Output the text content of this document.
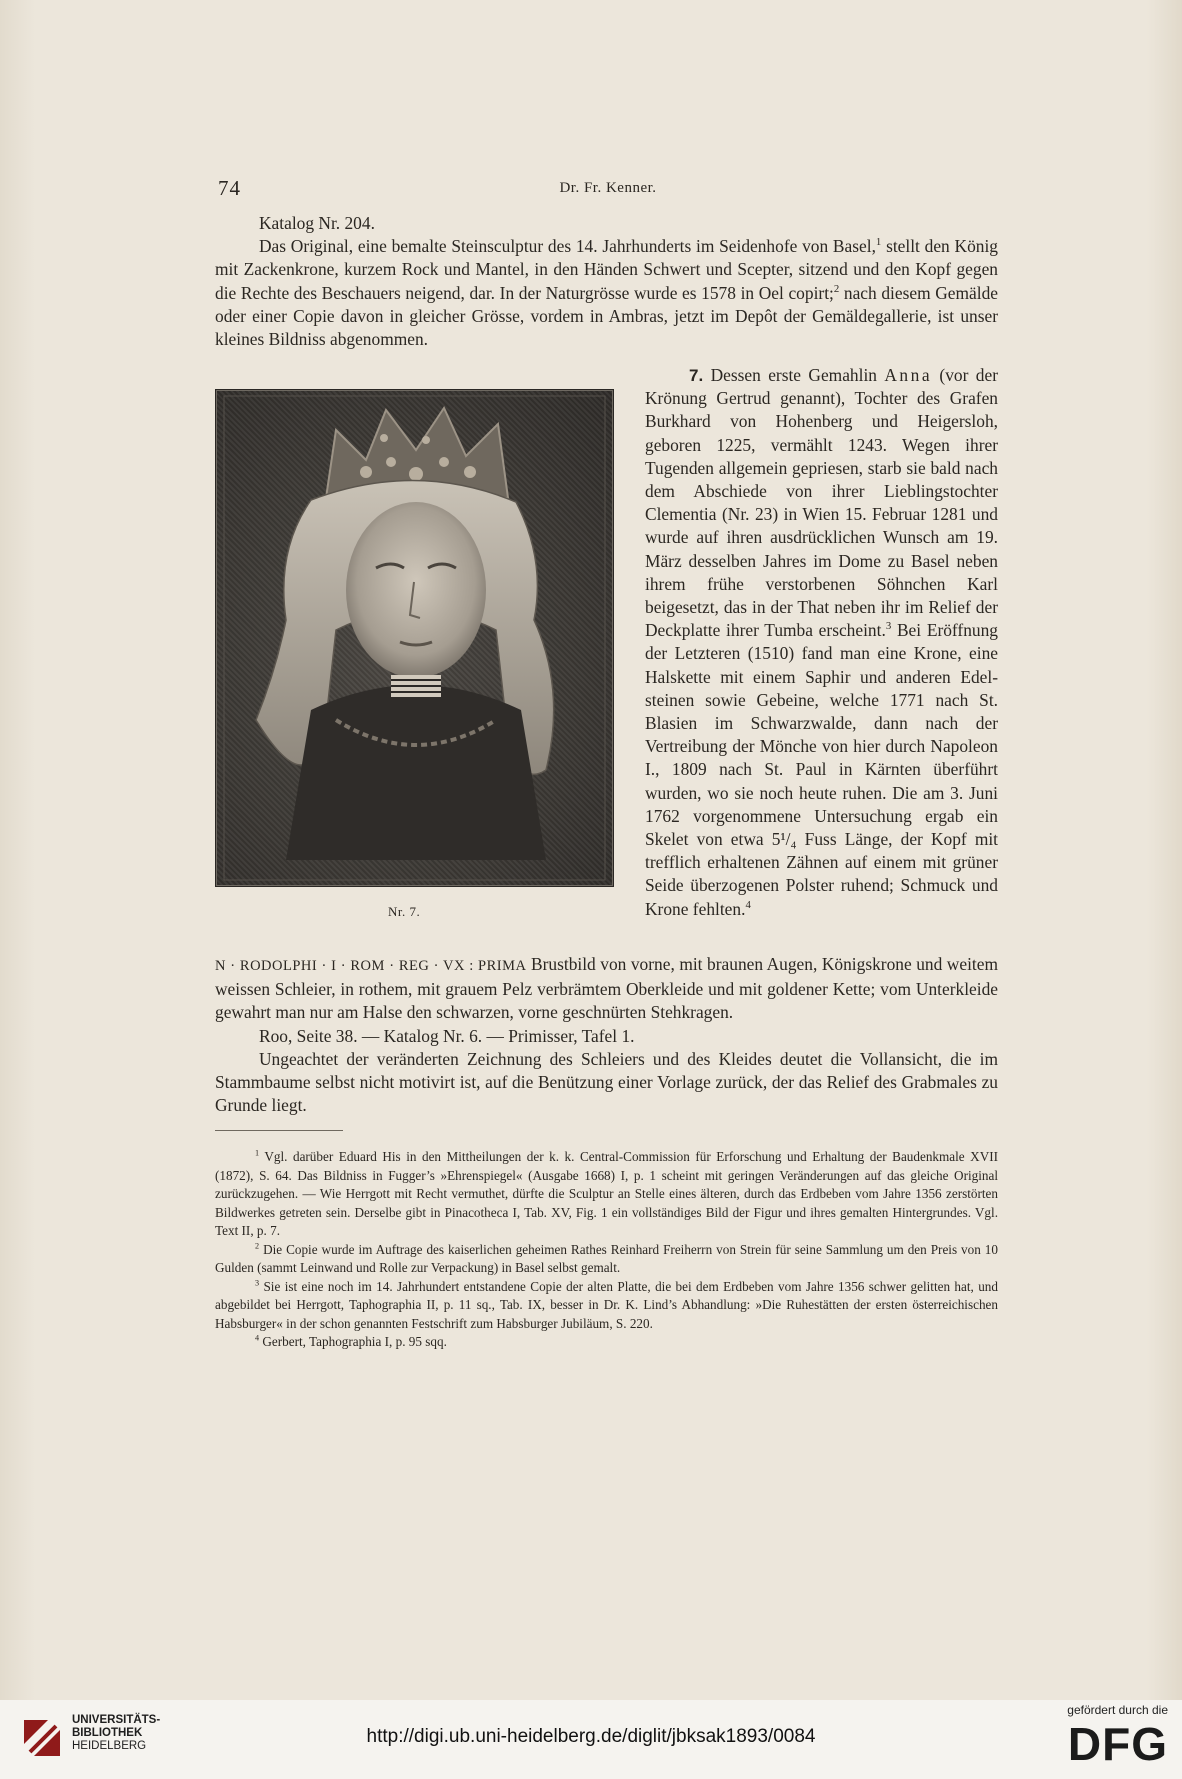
74	Dr. Fr. Kenner.

Katalog Nr. 204.

Das Original, eine bemalte Steinsculptur des 14. Jahrhunderts im Seidenhofe von Basel,$^1$ stellt den König mit Zackenkrone, kurzem Rock und Mantel, in den Händen Schwert und Scepter, sitzend und den Kopf gegen die Rechte des Beschauers neigend, dar. In der Naturgrösse wurde es 1578 in Oel copirt;$^2$ nach diesem Gemälde oder einer Copie davon in gleicher Grösse, vordem in Ambras, jetzt im Depôt der Gemäldegallerie, ist unser kleines Bildniss abgenommen.

Nr. 7.

7. Dessen erste Gemahlin Anna (vor der Krönung Gertrud genannt), Tochter des Grafen Burkhard von Hohenberg und Heigersloh, geboren 1225, vermählt 1243. Wegen ihrer Tugenden allgemein gepriesen, starb sie bald nach dem Abschiede von ihrer Lieblingstochter Clementia (Nr. 23) in Wien 15. Februar 1281 und wurde auf ihren ausdrücklichen Wunsch am 19. März desselben Jahres im Dome zu Basel neben ihrem frühe verstorbenen Söhnchen Karl beigesetzt, das in der That neben ihr im Relief der Deckplatte ihrer Tumba erscheint.$^3$ Bei Eröffnung der Letzteren (1510) fand man eine Krone, eine Halskette mit einem Saphir und anderen Edelsteinen sowie Gebeine, welche 1771 nach St. Blasien im Schwarzwalde, dann nach der Vertreibung der Mönche von hier durch Napoleon I., 1809 nach St. Paul in Kärnten überführt wurden, wo sie noch heute ruhen. Die am 3. Juni 1762 vorgenommene Untersuchung ergab ein Skelet von etwa 5¹/₄ Fuss Länge, der Kopf mit trefflich erhaltenen Zähnen auf einem mit grüner Seide überzogenen Polster ruhend; Schmuck und Krone fehlten.$^4$

N · RODOLPHI · I · ROM · REG · VX : PRIMA Brustbild von vorne, mit braunen Augen, Königskrone und weitem weissen Schleier, in rothem, mit grauem Pelz verbrämtem Oberkleide und mit goldener Kette; vom Unterkleide gewahrt man nur am Halse den schwarzen, vorne geschnürten Stehkragen.

Roo, Seite 38. — Katalog Nr. 6. — Primisser, Tafel 1.

Ungeachtet der veränderten Zeichnung des Schleiers und des Kleides deutet die Vollansicht, die im Stammbaume selbst nicht motivirt ist, auf die Benützung einer Vorlage zurück, der das Relief des Grabmales zu Grunde liegt.

$^1$ Vgl. darüber Eduard His in den Mittheilungen der k. k. Central-Commission für Erforschung und Erhaltung der Baudenkmale XVII (1872), S. 64. Das Bildniss in Fugger’s »Ehrenspiegel« (Ausgabe 1668) I, p. 1 scheint mit geringen Veränderungen auf das gleiche Original zurückzugehen. — Wie Herrgott mit Recht vermuthet, dürfte die Sculptur an Stelle eines älteren, durch das Erdbeben vom Jahre 1356 zerstörten Bildwerkes getreten sein. Derselbe gibt in Pinacotheca I, Tab. XV, Fig. 1 ein vollständiges Bild der Figur und ihres gemalten Hintergrundes. Vgl. Text II, p. 7.

$^2$ Die Copie wurde im Auftrage des kaiserlichen geheimen Rathes Reinhard Freiherrn von Strein für seine Sammlung um den Preis von 10 Gulden (sammt Leinwand und Rolle zur Verpackung) in Basel selbst gemalt.

$^3$ Sie ist eine noch im 14. Jahrhundert entstandene Copie der alten Platte, die bei dem Erdbeben vom Jahre 1356 schwer gelitten hat, und abgebildet bei Herrgott, Taphographia II, p. 11 sq., Tab. IX, besser in Dr. K. Lind’s Abhandlung: »Die Ruhestätten der ersten österreichischen Habsburger« in der schon genannten Festschrift zum Habsburger Jubiläum, S. 220.

$^4$ Gerbert, Taphographia I, p. 95 sqq.

UNIVERSITÄTS-
BIBLIOTHEK
HEIDELBERG	http://digi.ub.uni-heidelberg.de/diglit/jbksak1893/0084
gefördert durch die
DFG
